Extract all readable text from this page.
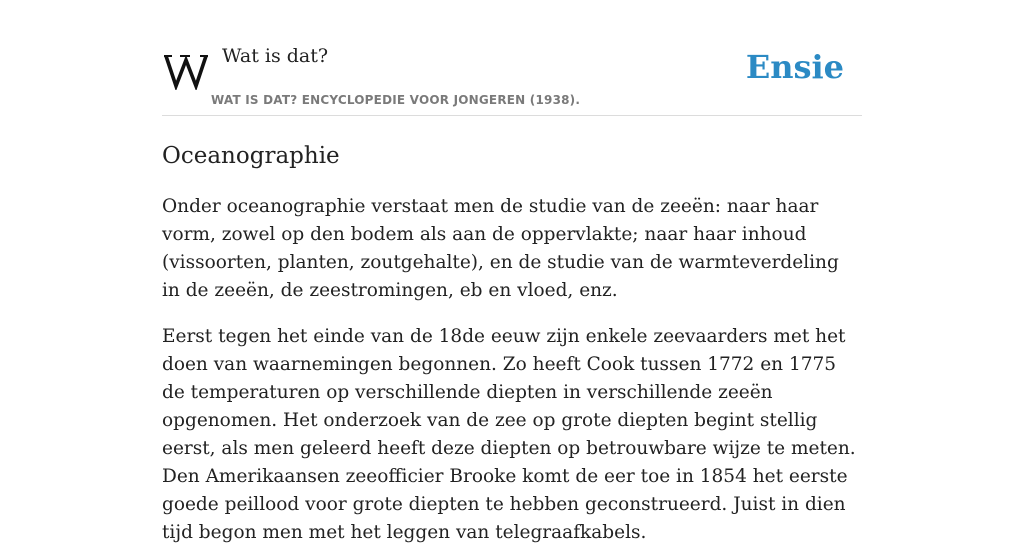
Wat is dat?
WAT IS DAT? ENCYCLOPEDIE VOOR JONGEREN (1938).
Ensie
Oceanographie

Onder oceanographie verstaat men de studie van de zeeën: naar haar vorm, zowel op den bodem als aan de oppervlakte; naar haar inhoud (vissoorten, planten, zoutgehalte), en de studie van de warmteverdeling in de zeeën, de zeestromingen, eb en vloed, enz.

Eerst tegen het einde van de 18de eeuw zijn enkele zeevaarders met het doen van waarnemingen begonnen. Zo heeft Cook tussen 1772 en 1775 de temperaturen op verschillende diepten in verschillende zeeën opgenomen. Het onderzoek van de zee op grote diepten begint stellig eerst, als men geleerd heeft deze diepten op betrouwbare wijze te meten. Den Amerikaansen zeeofficier Brooke komt de eer toe in 1854 het eerste goede peillood voor grote diepten te hebben geconstrueerd. Juist in dien tijd begon men met het leggen van telegraafkabels.
